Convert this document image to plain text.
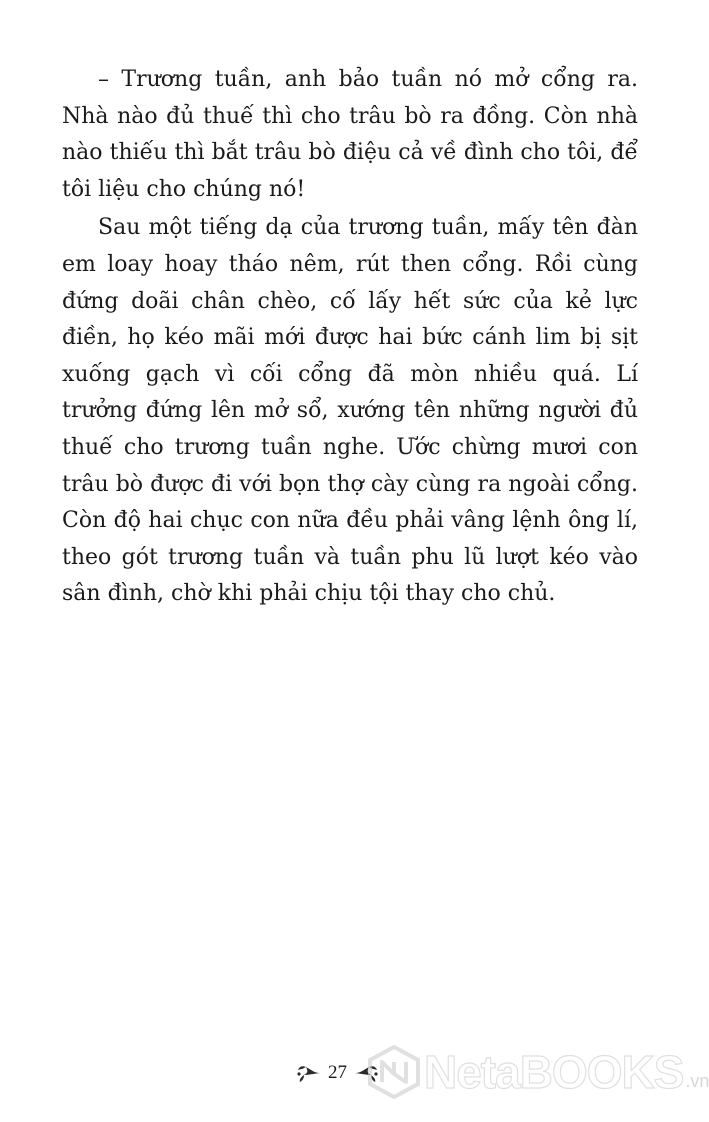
– Trương tuần, anh bảo tuần nó mở cổng ra. Nhà nào đủ thuế thì cho trâu bò ra đồng. Còn nhà nào thiếu thì bắt trâu bò điệu cả về đình cho tôi, để tôi liệu cho chúng nó!

Sau một tiếng dạ của trương tuần, mấy tên đàn em loay hoay tháo nêm, rút then cổng. Rồi cùng đứng doãi chân chèo, cố lấy hết sức của kẻ lực điền, họ kéo mãi mới được hai bức cánh lim bị sịt xuống gạch vì cối cổng đã mòn nhiều quá. Lí trưởng đứng lên mở sổ, xướng tên những người đủ thuế cho trương tuần nghe. Ước chừng mươi con trâu bò được đi với bọn thợ cày cùng ra ngoài cổng. Còn độ hai chục con nữa đều phải vâng lệnh ông lí, theo gót trương tuần và tuần phu lũ lượt kéo vào sân đình, chờ khi phải chịu tội thay cho chủ.

27 NetaBOOKS .vn
